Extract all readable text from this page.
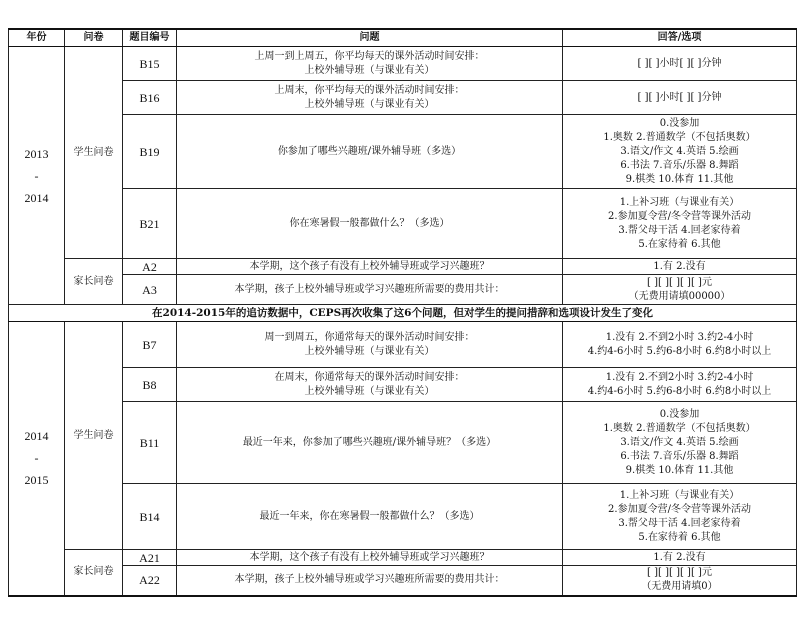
年份	问卷	题目编号	问题	回答/选项

2013
-
2014	学生问卷	B15	上周一到上周五，你平均每天的课外活动时间安排：
上校外辅导班（与课业有关）	[ ][ ]小时[ ][ ]分钟

		B16	上周末，你平均每天的课外活动时间安排：
上校外辅导班（与课业有关）	[ ][ ]小时[ ][ ]分钟

		B19	你参加了哪些兴趣班/课外辅导班（多选）	0.没参加
1.奥数 2.普通数学（不包括奥数）
3.语文/作文 4.英语 5.绘画
6.书法 7.音乐/乐器 8.舞蹈
9.棋类 10.体育 11.其他

		B21	你在寒暑假一般都做什么？（多选）	1.上补习班（与课业有关）
2.参加夏令营/冬令营等课外活动
3.帮父母干活 4.回老家待着
5.在家待着 6.其他

	家长问卷	A2	本学期，这个孩子有没有上校外辅导班或学习兴趣班？	1.有 2.没有

		A3	本学期，孩子上校外辅导班或学习兴趣班所需要的费用共计：	[ ][ ][ ][ ][ ]元
（无费用请填00000）

在2014-2015年的追访数据中，CEPS再次收集了这6个问题，但对学生的提问措辞和选项设计发生了变化				

2014
-
2015	学生问卷	B7	周一到周五，你通常每天的课外活动时间安排：
上校外辅导班（与课业有关）	1.没有 2.不到2小时 3.约2-4小时
4.约4-6小时 5.约6-8小时 6.约8小时以上

		B8	在周末，你通常每天的课外活动时间安排：
上校外辅导班（与课业有关）	1.没有 2.不到2小时 3.约2-4小时
4.约4-6小时 5.约6-8小时 6.约8小时以上

		B11	最近一年来，你参加了哪些兴趣班/课外辅导班？（多选）	0.没参加
1.奥数 2.普通数学（不包括奥数）
3.语文/作文 4.英语 5.绘画
6.书法 7.音乐/乐器 8.舞蹈
9.棋类 10.体育 11.其他

		B14	最近一年来，你在寒暑假一般都做什么？（多选）	1.上补习班（与课业有关）
2.参加夏令营/冬令营等课外活动
3.帮父母干活 4.回老家待着
5.在家待着 6.其他

	家长问卷	A21	本学期，这个孩子有没有上校外辅导班或学习兴趣班？	1.有 2.没有

		A22	本学期，孩子上校外辅导班或学习兴趣班所需要的费用共计：	[ ][ ][ ][ ][ ]元
（无费用请填0）
